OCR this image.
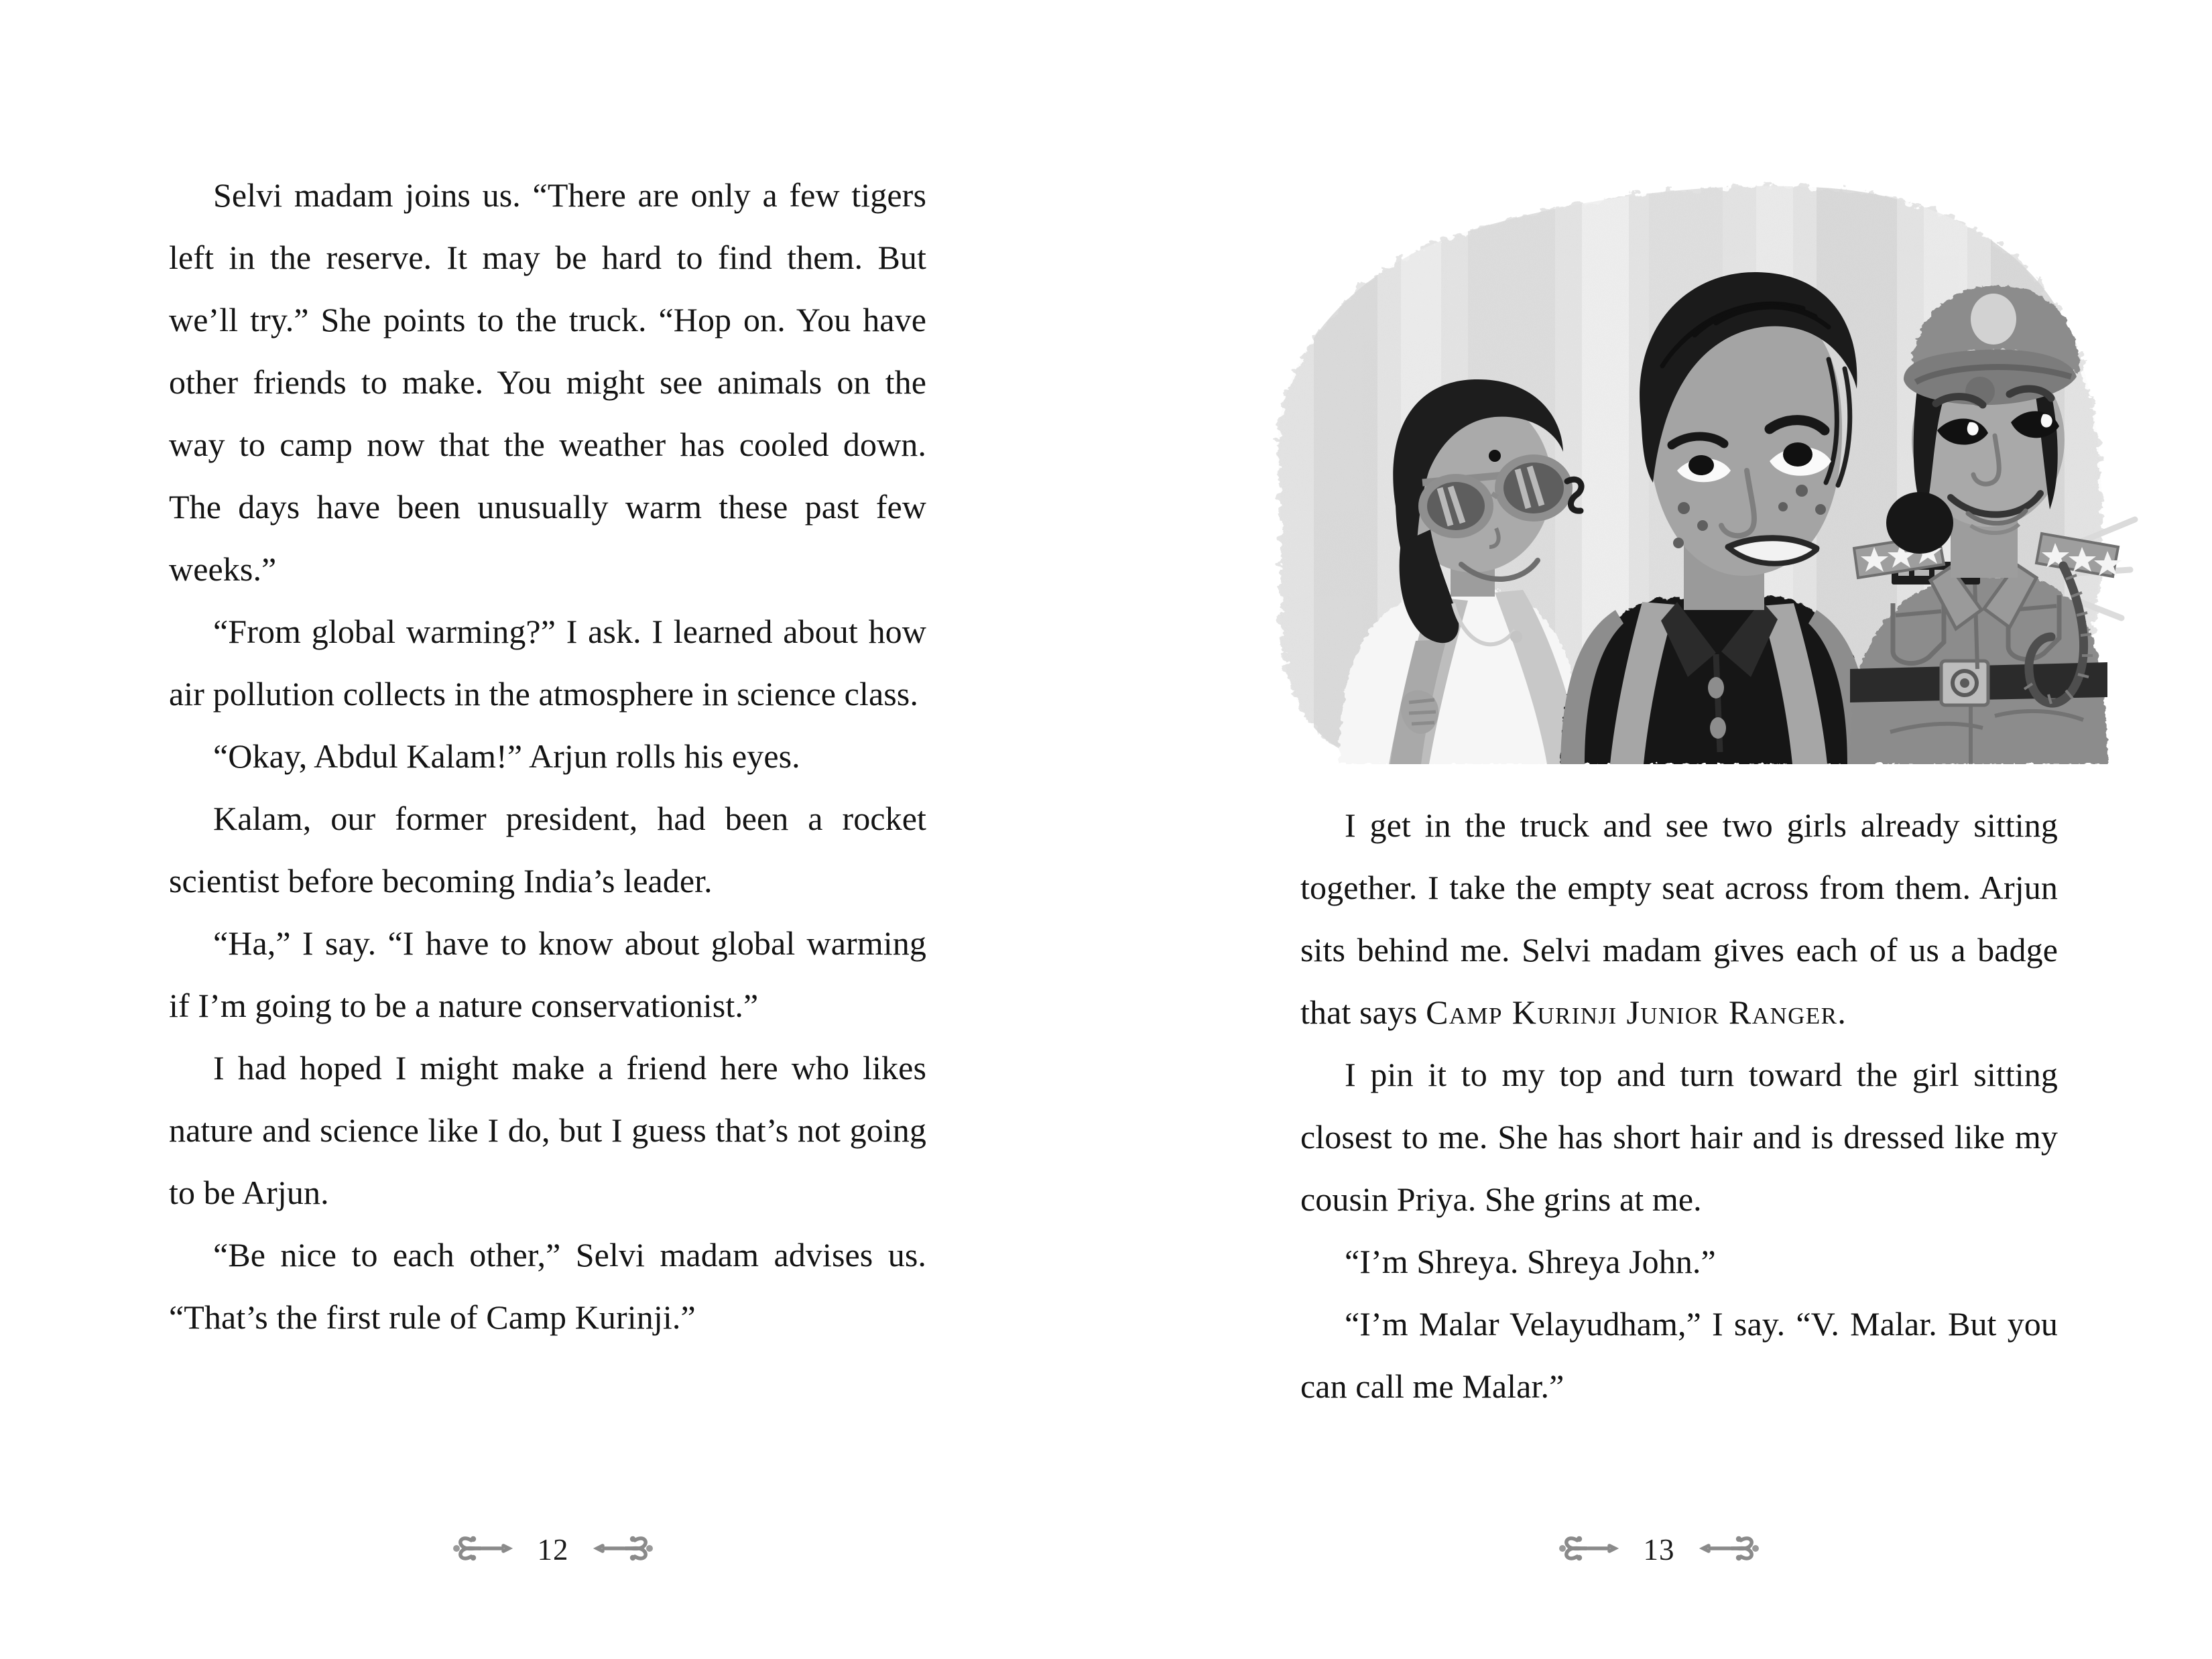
Selvi madam joins us. “There are only a few tigers left in the reserve. It may be hard to find them. But we’ll try.” She points to the truck. “Hop on. You have other friends to make. You might see animals on the way to camp now that the weather has cooled down. The days have been unusually warm these past few weeks.”

“From global warming?” I ask. I learned about how air pollution collects in the atmosphere in science class.

“Okay, Abdul Kalam!” Arjun rolls his eyes.

Kalam, our former president, had been a rocket scientist before becoming India’s leader.

“Ha,” I say. “I have to know about global warming if I’m going to be a nature conservationist.”

I had hoped I might make a friend here who likes nature and science like I do, but I guess that’s not going to be Arjun.

“Be nice to each other,” Selvi madam advises us. “That’s the first rule of Camp Kurinji.”

12

I get in the truck and see two girls already sitting together. I take the empty seat across from them. Arjun sits behind me. Selvi madam gives each of us a badge that says Camp Kurinji Junior Ranger.

I pin it to my top and turn toward the girl sitting closest to me. She has short hair and is dressed like my cousin Priya. She grins at me.

“I’m Shreya. Shreya John.”

“I’m Malar Velayudham,” I say. “V. Malar. But you can call me Malar.”

13
